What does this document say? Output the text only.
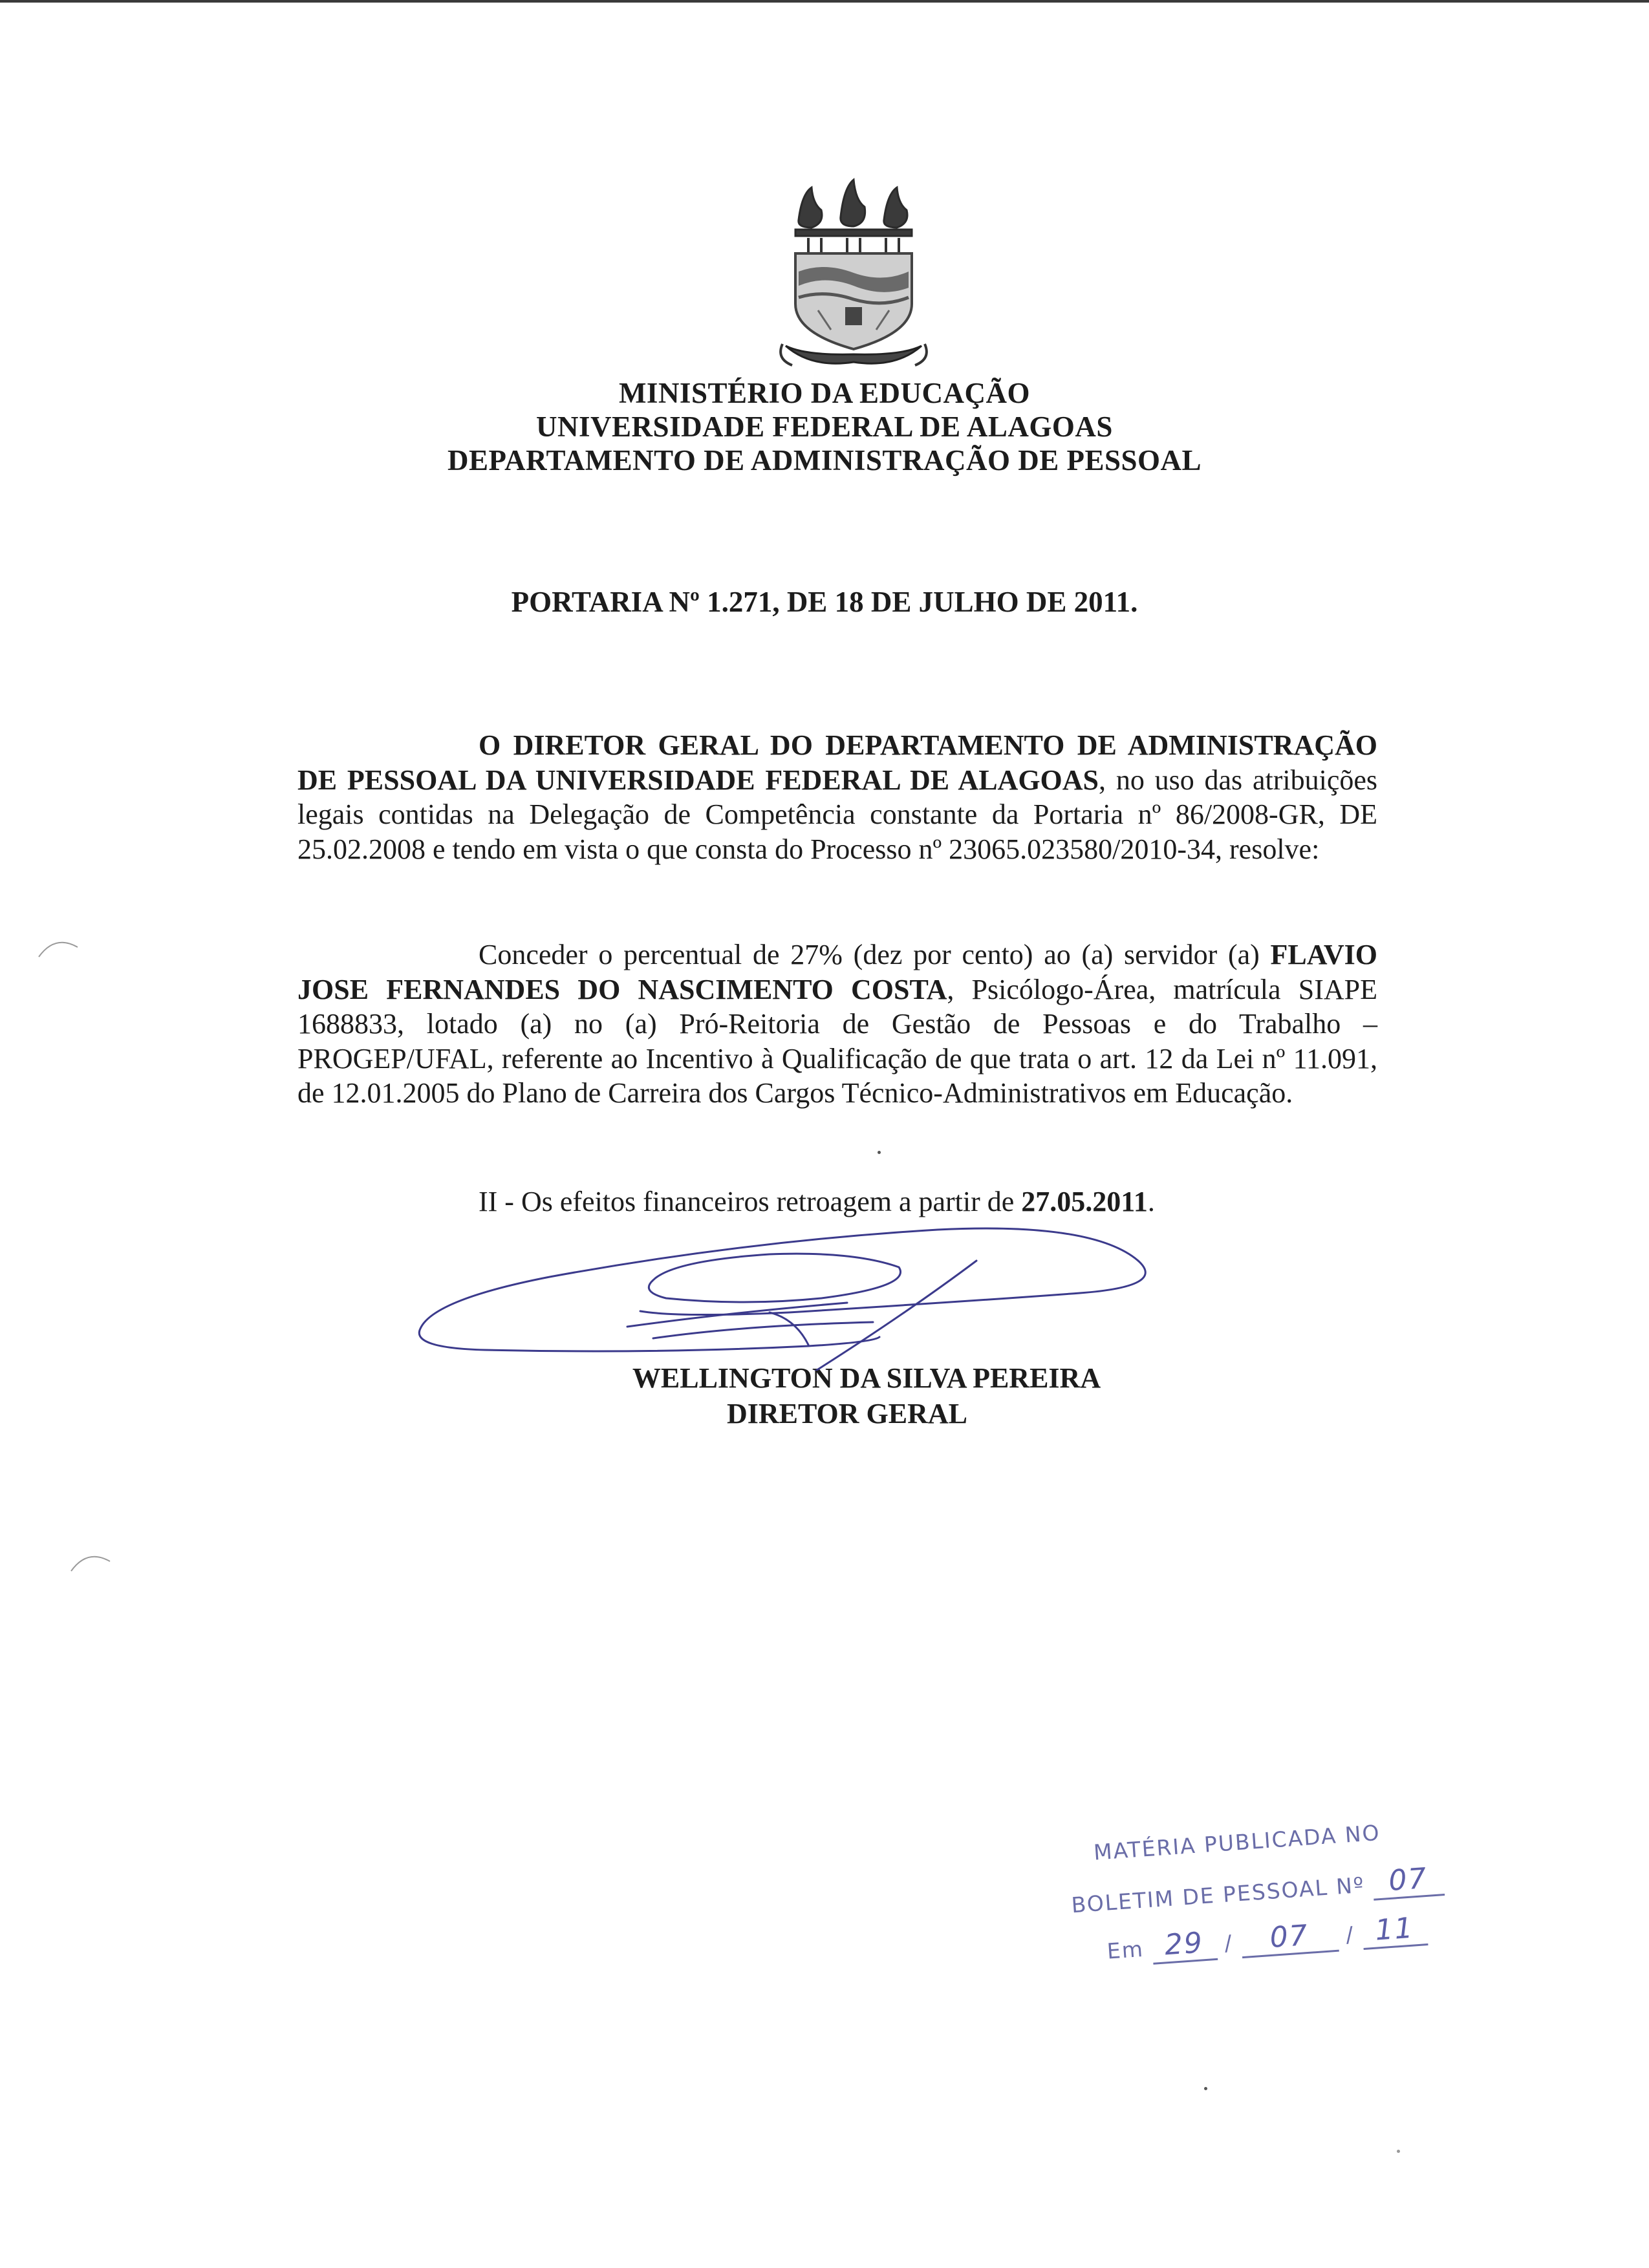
MINISTÉRIO DA EDUCAÇÃO
UNIVERSIDADE FEDERAL DE ALAGOAS
DEPARTAMENTO DE ADMINISTRAÇÃO DE PESSOAL
PORTARIA Nº 1.271, DE 18 DE JULHO DE 2011.
O DIRETOR GERAL DO DEPARTAMENTO DE ADMINISTRAÇÃO DE PESSOAL DA UNIVERSIDADE FEDERAL DE ALAGOAS, no uso das atribuições legais contidas na Delegação de Competência constante da Portaria nº 86/2008-GR, DE 25.02.2008 e tendo em vista o que consta do Processo nº 23065.023580/2010-34, resolve:
Conceder o percentual de 27% (dez por cento) ao (a) servidor (a) FLAVIO JOSE FERNANDES DO NASCIMENTO COSTA, Psicólogo-Área, matrícula SIAPE 1688833, lotado (a) no (a) Pró-Reitoria de Gestão de Pessoas e do Trabalho – PROGEP/UFAL, referente ao Incentivo à Qualificação de que trata o art. 12 da Lei nº 11.091, de 12.01.2005 do Plano de Carreira dos Cargos Técnico-Administrativos em Educação.
II - Os efeitos financeiros retroagem a partir de 27.05.2011.
WELLINGTON DA SILVA PEREIRA
DIRETOR GERAL
MATÉRIA PUBLICADA NO
BOLETIM DE PESSOAL Nº 07
Em 29 / 07 / 11
